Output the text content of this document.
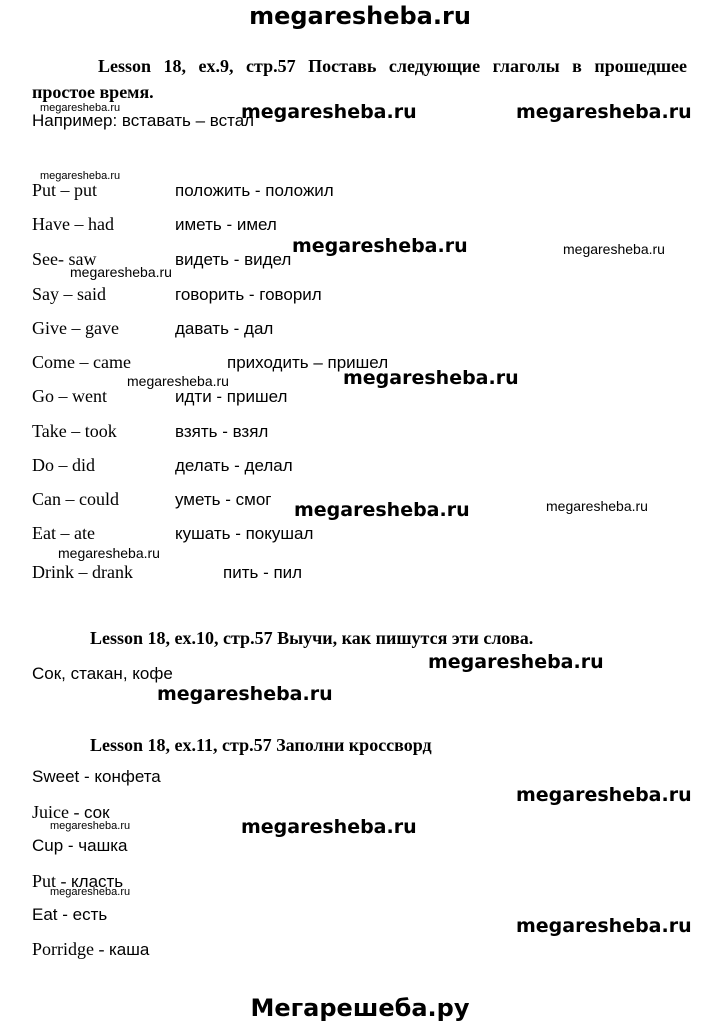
megaresheba.ru
Мегарешеба.ру
Lesson 18, ex.9, стр.57 Поставь следующие глаголы в прошедшее простое время.
Например: вставать – встал
Put – put	положить - положил
Have – had	иметь - имел
See- saw	видеть - видел
Say – said	говорить - говорил
Give – gave	давать - дал
Come – came	приходить – пришел
Go – went	идти - пришел
Take – took	взять - взял
Do – did	делать - делал
Can – could	уметь - смог
Eat – ate	кушать - покушал
Drink – drank	пить - пил
Lesson 18, ex.10, стр.57 Выучи, как пишутся эти слова.
Сок, стакан, кофе
Lesson 18, ex.11, стр.57 Заполни кроссворд
Sweet - конфета
Juice - сок
Cup - чашка
Put - класть
Eat - есть
Porridge - каша
megaresheba.ru	megaresheba.ru	megaresheba.ru
megaresheba.ru
megaresheba.ru	megaresheba.ru
megaresheba.ru
megaresheba.ru	megaresheba.ru
megaresheba.ru	megaresheba.ru
megaresheba.ru
megaresheba.ru
megaresheba.ru
megaresheba.ru
megaresheba.ru	megaresheba.ru
megaresheba.ru
megaresheba.ru
